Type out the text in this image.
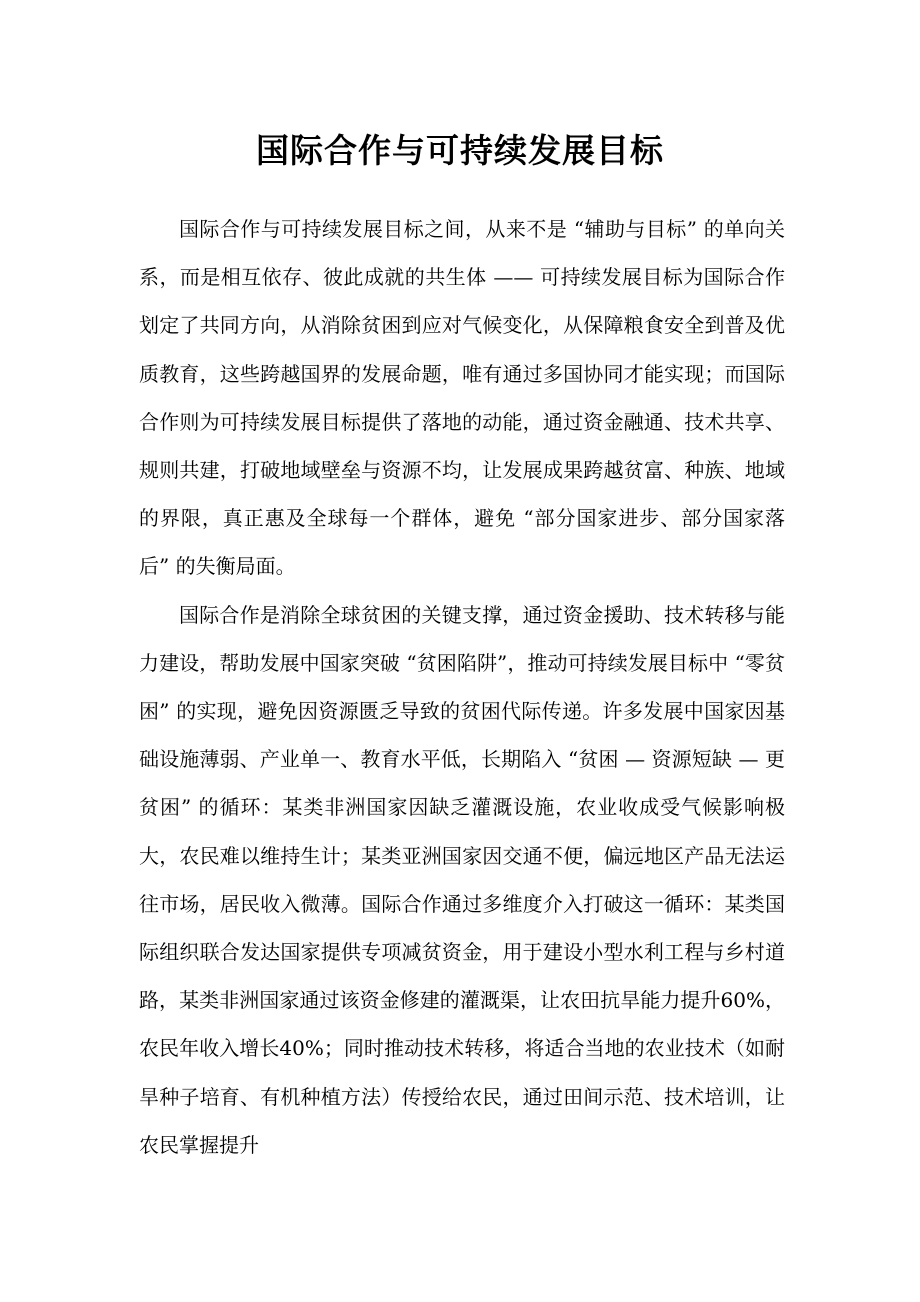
国际合作与可持续发展目标

国际合作与可持续发展目标之间，从来不是 “辅助与目标” 的单向关系，而是相互依存、彼此成就的共生体 —— 可持续发展目标为国际合作划定了共同方向，从消除贫困到应对气候变化，从保障粮食安全到普及优质教育，这些跨越国界的发展命题，唯有通过多国协同才能实现；而国际合作则为可持续发展目标提供了落地的动能，通过资金融通、技术共享、规则共建，打破地域壁垒与资源不均，让发展成果跨越贫富、种族、地域的界限，真正惠及全球每一个群体，避免 “部分国家进步、部分国家落后” 的失衡局面。

国际合作是消除全球贫困的关键支撑，通过资金援助、技术转移与能力建设，帮助发展中国家突破 “贫困陷阱”，推动可持续发展目标中 “零贫困” 的实现，避免因资源匮乏导致的贫困代际传递。许多发展中国家因基础设施薄弱、产业单一、教育水平低，长期陷入 “贫困 — 资源短缺 — 更贫困” 的循环：某类非洲国家因缺乏灌溉设施，农业收成受气候影响极大，农民难以维持生计；某类亚洲国家因交通不便，偏远地区产品无法运往市场，居民收入微薄。国际合作通过多维度介入打破这一循环：某类国际组织联合发达国家提供专项减贫资金，用于建设小型水利工程与乡村道路，某类非洲国家通过该资金修建的灌溉渠，让农田抗旱能力提升60%，农民年收入增长40%；同时推动技术转移，将适合当地的农业技术（如耐旱种子培育、有机种植方法）传授给农民，通过田间示范、技术培训，让农民掌握提升
